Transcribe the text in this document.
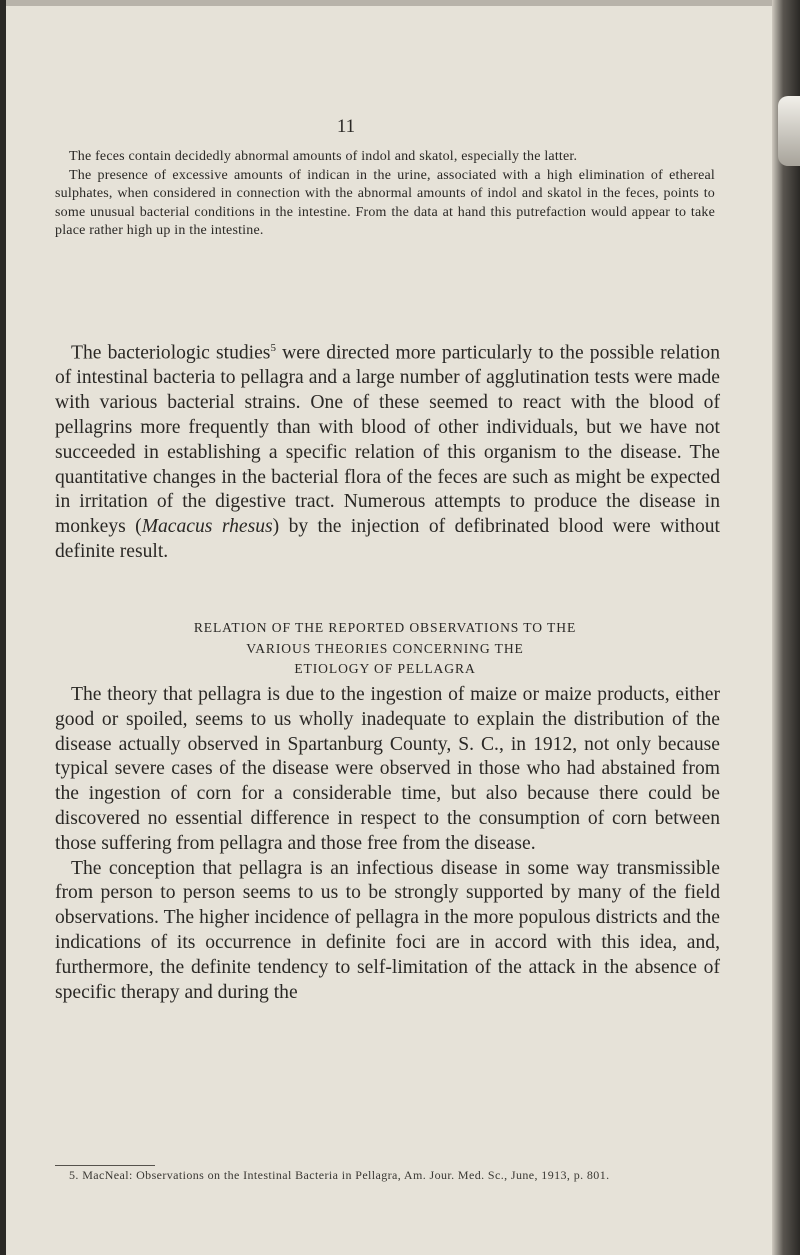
11

The feces contain decidedly abnormal amounts of indol and skatol, especially the latter.

The presence of excessive amounts of indican in the urine, associated with a high elimination of ethereal sulphates, when considered in connection with the abnormal amounts of indol and skatol in the feces, points to some unusual bacterial conditions in the intestine. From the data at hand this putrefaction would appear to take place rather high up in the intestine.

The bacteriologic studies$^5$ were directed more particularly to the possible relation of intestinal bacteria to pellagra and a large number of agglutination tests were made with various bacterial strains. One of these seemed to react with the blood of pellagrins more frequently than with blood of other individuals, but we have not succeeded in establishing a specific relation of this organism to the disease. The quantitative changes in the bacterial flora of the feces are such as might be expected in irritation of the digestive tract. Numerous attempts to produce the disease in monkeys (Macacus rhesus) by the injection of defibrinated blood were without definite result.

RELATION OF THE REPORTED OBSERVATIONS TO THE
VARIOUS THEORIES CONCERNING THE
ETIOLOGY OF PELLAGRA

The theory that pellagra is due to the ingestion of maize or maize products, either good or spoiled, seems to us wholly inadequate to explain the distribution of the disease actually observed in Spartanburg County, S. C., in 1912, not only because typical severe cases of the disease were observed in those who had abstained from the ingestion of corn for a considerable time, but also because there could be discovered no essential difference in respect to the consumption of corn between those suffering from pellagra and those free from the disease.

The conception that pellagra is an infectious disease in some way transmissible from person to person seems to us to be strongly supported by many of the field observations. The higher incidence of pellagra in the more populous districts and the indications of its occurrence in definite foci are in accord with this idea, and, furthermore, the definite tendency to self-limitation of the attack in the absence of specific therapy and during the

5. MacNeal: Observations on the Intestinal Bacteria in Pellagra, Am. Jour. Med. Sc., June, 1913, p. 801.
